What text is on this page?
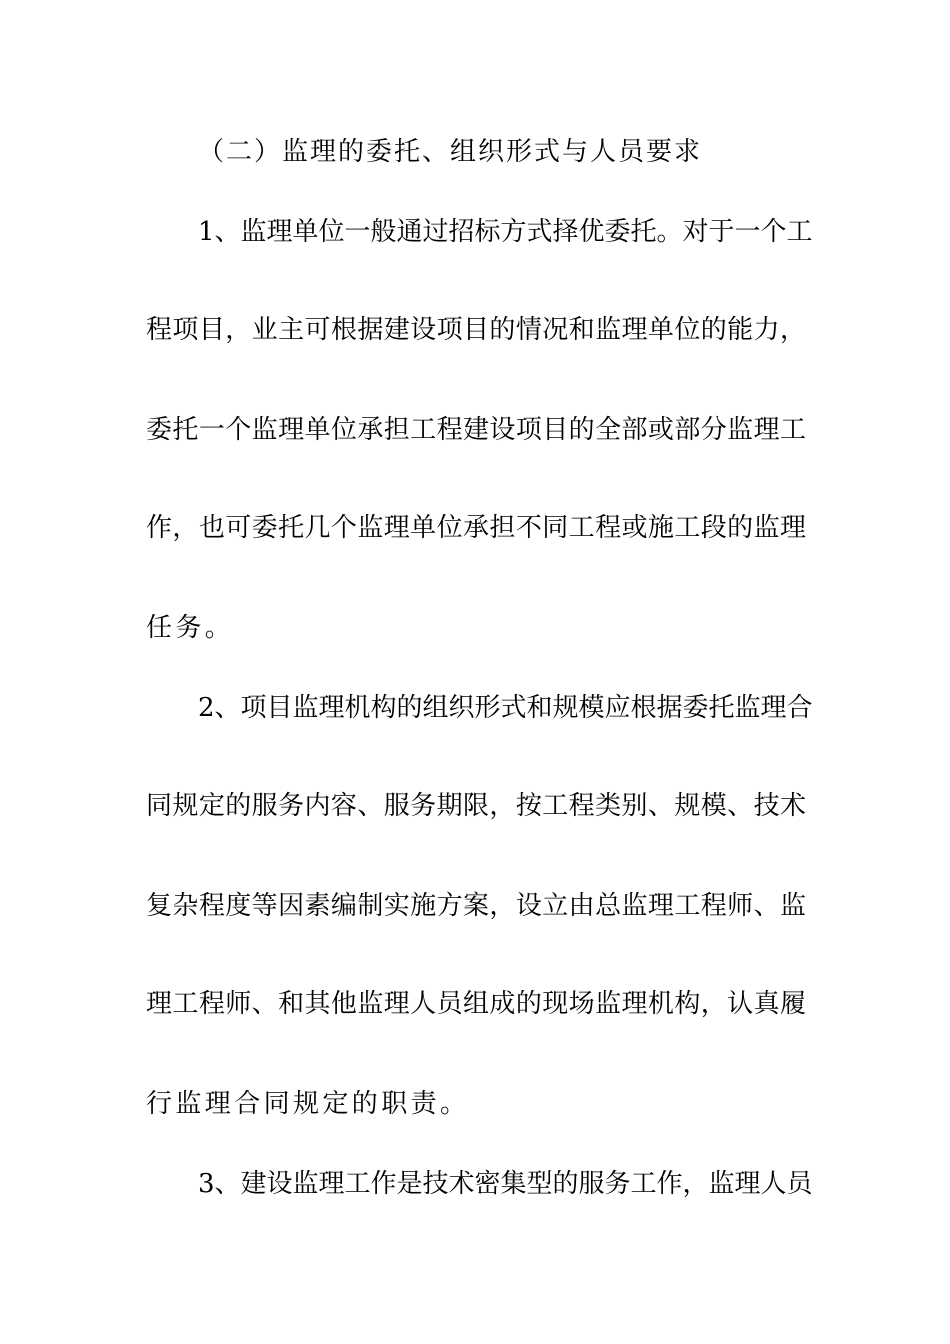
（二）监理的委托、组织形式与人员要求
1、监理单位一般通过招标方式择优委托。对于一个工
程项目，业主可根据建设项目的情况和监理单位的能力，
委托一个监理单位承担工程建设项目的全部或部分监理工
作，也可委托几个监理单位承担不同工程或施工段的监理
任务。
2、项目监理机构的组织形式和规模应根据委托监理合
同规定的服务内容、服务期限，按工程类别、规模、技术
复杂程度等因素编制实施方案，设立由总监理工程师、监
理工程师、和其他监理人员组成的现场监理机构，认真履
行监理合同规定的职责。
3、建设监理工作是技术密集型的服务工作，监理人员
